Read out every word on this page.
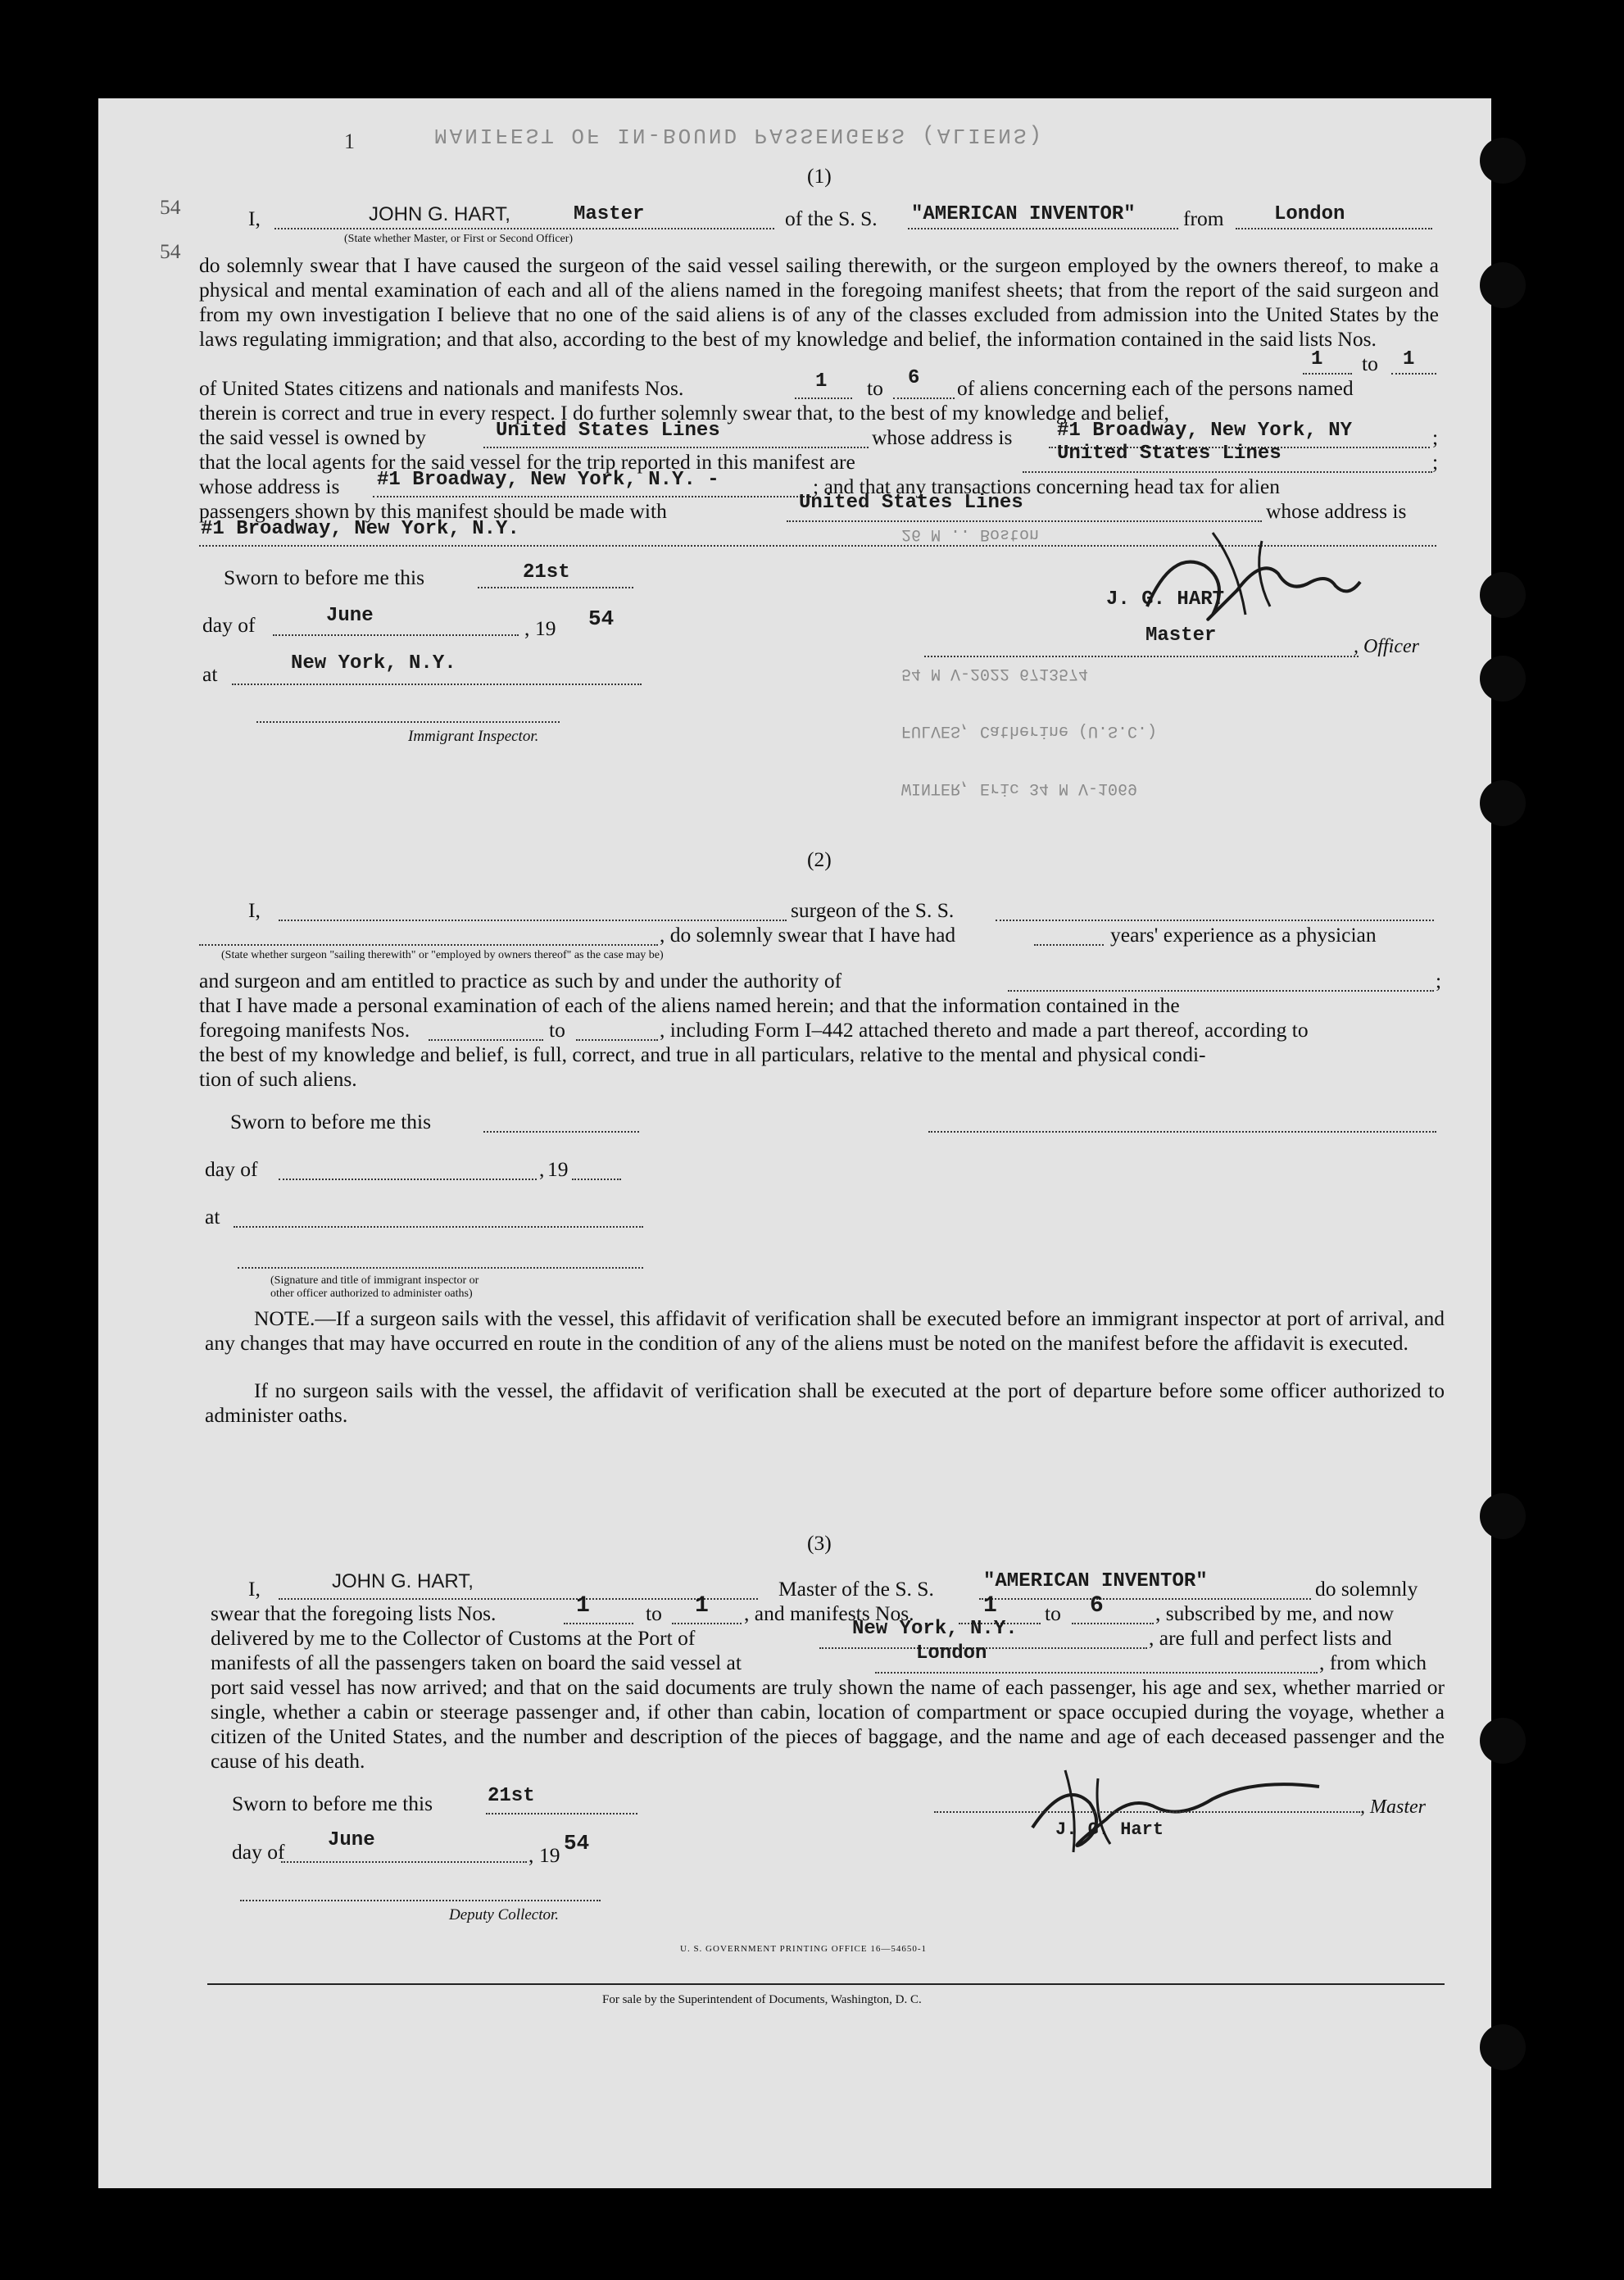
1
54
54
MANIFEST OF IN-BOUND PASSENGERS (ALIENS)
26 M .. Boston
54 M V-2022 6713574
FULVES, Catherine (U.S.C.)
WINTER, Eric 34 M V-1069
(1)
I,	JOHN G. HART,	Master
(State whether Master, or First or Second Officer)
of the S. S. "AMERICAN INVENTOR" from	London
do solemnly swear that I have caused the surgeon of the said vessel sailing therewith, or the surgeon employed by the owners thereof, to make a physical and mental examination of each and all of the aliens named in the foregoing manifest sheets; that from the report of the said surgeon and from my own investigation I believe that no one of the said aliens is of any of the classes excluded from admission into the United States by the laws regulating immigration; and that also, according to the best of my knowledge and belief, the information contained in the said lists Nos.
1 to 1
of United States citizens and nationals and manifests Nos.	1 to 6 of aliens concerning each of the persons named
therein is correct and true in every respect. I do further solemnly swear that, to the best of my knowledge and belief,
the said vessel is owned by	United States Lines	whose address is #1 Broadway, New York, NY	;
that the local agents for the said vessel for the trip reported in this manifest are	United States Lines	;
whose address is #1 Broadway, New York, N.Y. -	; and that any transactions concerning head tax for alien
passengers shown by this manifest should be made with	United States Lines	whose address is
#1 Broadway, New York, N.Y.
Sworn to before me this	21st
day of	June
, 19 54
at	New York, N.Y.
Immigrant Inspector.
J. G. HART
Master	, Officer
(2)
I,	surgeon of the S. S.
, do solemnly swear that I have had	years' experience as a physician
(State whether surgeon "sailing therewith" or "employed by owners thereof" as the case may be)
and surgeon and am entitled to practice as such by and under the authority of	;
that I have made a personal examination of each of the aliens named herein; and that the information contained in the
foregoing manifests Nos.	to	, including Form I–442 attached thereto and made a part thereof, according to
the best of my knowledge and belief, is full, correct, and true in all particulars, relative to the mental and physical condi-
tion of such aliens.
Sworn to before me this
day of	, 19
at
(Signature and title of immigrant inspector or
other officer authorized to administer oaths)
NOTE.—If a surgeon sails with the vessel, this affidavit of verification shall be executed before an immigrant inspector at port of arrival, and any changes that may have occurred en route in the condition of any of the aliens must be noted on the manifest before the affidavit is executed.
If no surgeon sails with the vessel, the affidavit of verification shall be executed at the port of departure before some officer authorized to administer oaths.
(3)
I,	JOHN G. HART,	Master of the S. S.	"AMERICAN INVENTOR"	do solemnly
swear that the foregoing lists Nos.	1	to 1 , and manifests Nos.	1 to 6 , subscribed by me, and now
delivered by me to the Collector of Customs at the Port of	New York, N.Y.	, are full and perfect lists and
manifests of all the passengers taken on board the said vessel at	London	, from which
port said vessel has now arrived; and that on the said documents are truly shown the name of each passenger, his age and sex, whether married or single, whether a cabin or steerage passenger and, if other than cabin, location of compartment or space occupied during the voyage, whether a citizen of the United States, and the number and description of the pieces of baggage, and the name and age of each deceased passenger and the cause of his death.
Sworn to before me this	21st
day of June
, 19 54
Deputy Collector.
, Master
J. G. Hart
U. S. GOVERNMENT PRINTING OFFICE 16—54650-1
For sale by the Superintendent of Documents, Washington, D. C.
